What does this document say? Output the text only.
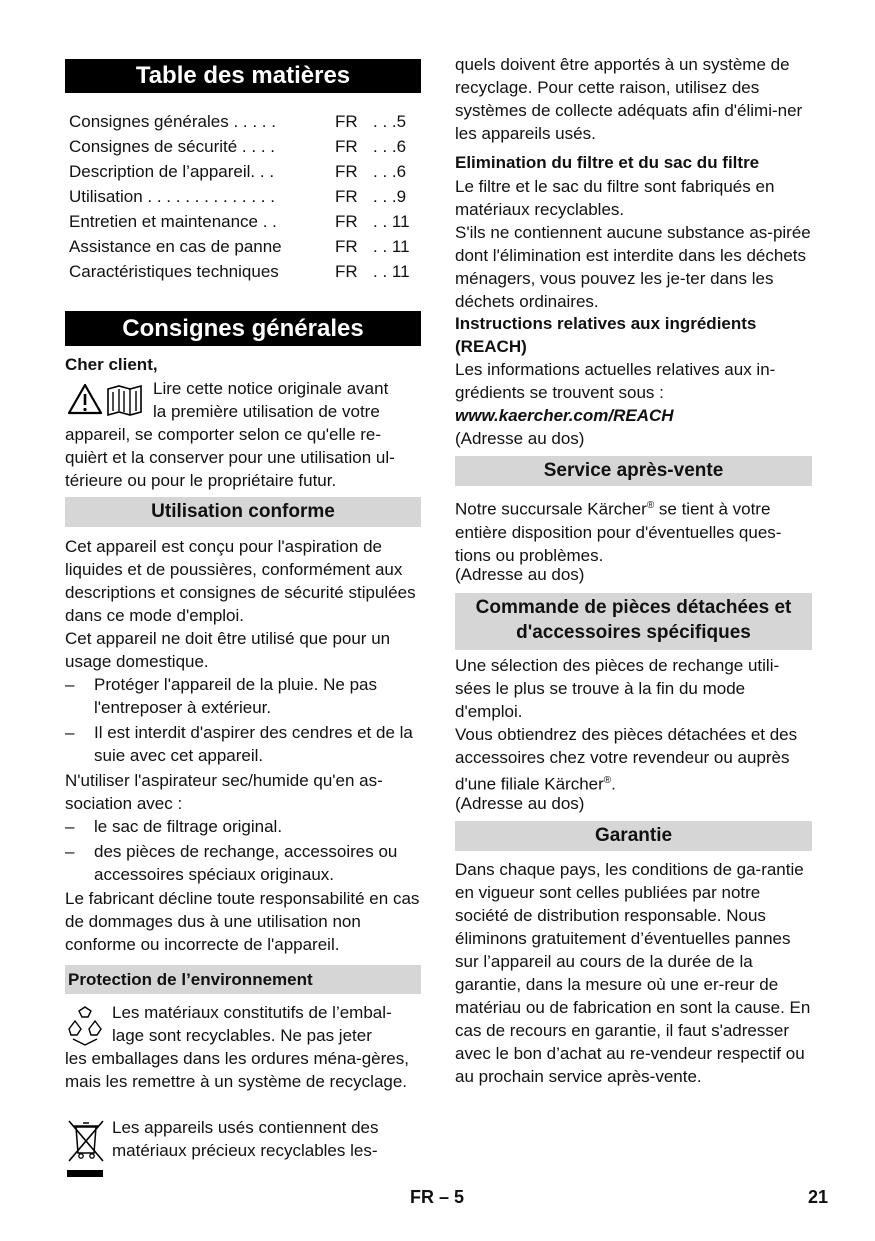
Table des matières
Consignes générales . . . . .	FR . . .5
Consignes de sécurité . . . .	FR . . .6
Description de l’appareil. . .	FR . . .6
Utilisation . . . . . . . . . . . . . .	FR . . .9
Entretien et maintenance . .	FR . . 11
Assistance en cas de panne	FR . . 11
Caractéristiques techniques	FR . . 11
Consignes générales
Cher client,
Lire cette notice originale avant
la première utilisation de votre
appareil, se comporter selon ce qu'elle re-quièrt et la conserver pour une utilisation ul-térieure ou pour le propriétaire futur.
Utilisation conforme
Cet appareil est conçu pour l'aspiration de liquides et de poussières, conformément aux descriptions et consignes de sécurité stipulées dans ce mode d'emploi.
Cet appareil ne doit être utilisé que pour un usage domestique.
– Protéger l'appareil de la pluie. Ne pas l'entreposer à extérieur.
– Il est interdit d'aspirer des cendres et de la suie avec cet appareil.
N'utiliser l'aspirateur sec/humide qu'en as-sociation avec :
– le sac de filtrage original.
– des pièces de rechange, accessoires ou accessoires spéciaux originaux.
Le fabricant décline toute responsabilité en cas de dommages dus à une utilisation non conforme ou incorrecte de l'appareil.
Protection de l’environnement
Les matériaux constitutifs de l’embal-
lage sont recyclables. Ne pas jeter
les emballages dans les ordures ména-gères, mais les remettre à un système de recyclage.
Les appareils usés contiennent des
matériaux précieux recyclables les-
quels doivent être apportés à un système de recyclage. Pour cette raison, utilisez des systèmes de collecte adéquats afin d'élimi-ner les appareils usés.
Elimination du filtre et du sac du filtre
Le filtre et le sac du filtre sont fabriqués en matériaux recyclables.
S'ils ne contiennent aucune substance as-pirée dont l'élimination est interdite dans les déchets ménagers, vous pouvez les je-ter dans les déchets ordinaires.
Instructions relatives aux ingrédients (REACH)
Les informations actuelles relatives aux in-grédients se trouvent sous :
www.kaercher.com/REACH
(Adresse au dos)
Service après-vente
Notre succursale Kärcher® se tient à votre entière disposition pour d'éventuelles ques-tions ou problèmes.
(Adresse au dos)
Commande de pièces détachées et d'accessoires spécifiques
Une sélection des pièces de rechange utili-sées le plus se trouve à la fin du mode d'emploi.
Vous obtiendrez des pièces détachées et des accessoires chez votre revendeur ou auprès d'une filiale Kärcher®.
(Adresse au dos)
Garantie
Dans chaque pays, les conditions de ga-rantie en vigueur sont celles publiées par notre société de distribution responsable. Nous éliminons gratuitement d’éventuelles pannes sur l’appareil au cours de la durée de la garantie, dans la mesure où une er-reur de matériau ou de fabrication en sont la cause. En cas de recours en garantie, il faut s'adresser avec le bon d’achat au re-vendeur respectif ou au prochain service après-vente.
FR – 5	21
